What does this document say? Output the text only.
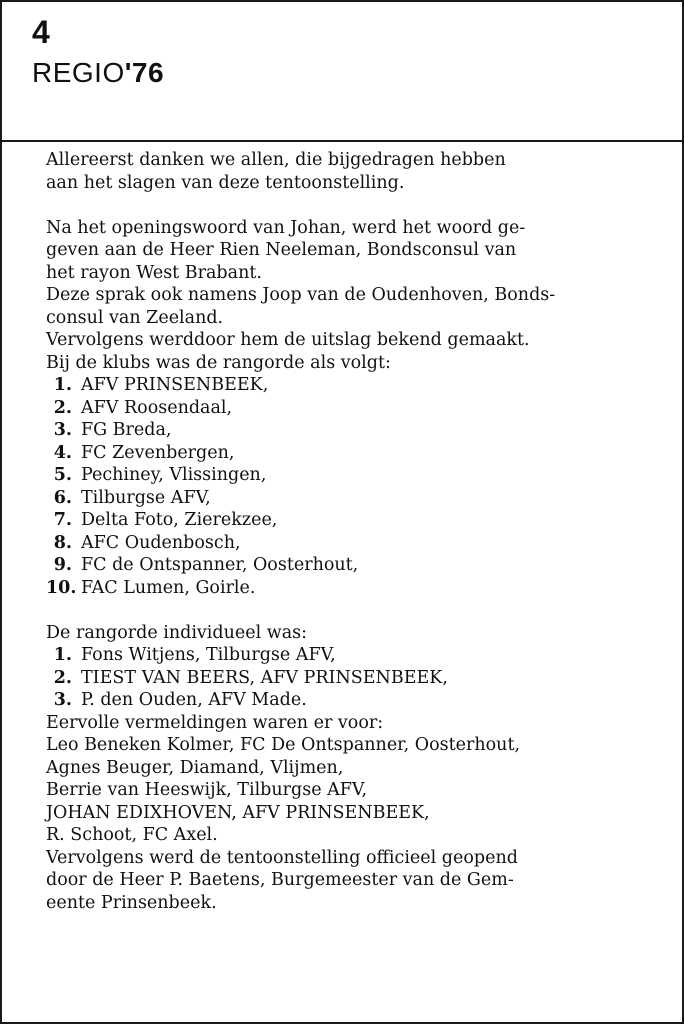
4
REGIO'76

Allereerst danken we allen, die bijgedragen hebben

aan het slagen van deze tentoonstelling.

Na het openingswoord van Johan, werd het woord ge-

geven aan de Heer Rien Neeleman, Bondsconsul van

het rayon West Brabant.

Deze sprak ook namens Joop van de Oudenhoven, Bonds-

consul van Zeeland.

Vervolgens werddoor hem de uitslag bekend gemaakt.

Bij de klubs was de rangorde als volgt:

1. AFV PRINSENBEEK,
2. AFV Roosendaal,
3. FG Breda,
4. FC Zevenbergen,
5. Pechiney, Vlissingen,
6. Tilburgse AFV,
7. Delta Foto, Zierekzee,
8. AFC Oudenbosch,
9. FC de Ontspanner, Oosterhout,
10. FAC Lumen, Goirle.

De rangorde individueel was:

1. Fons Witjens, Tilburgse AFV,
2. TIEST VAN BEERS, AFV PRINSENBEEK,
3. P. den Ouden, AFV Made.

Eervolle vermeldingen waren er voor:

Leo Beneken Kolmer, FC De Ontspanner, Oosterhout,

Agnes Beuger, Diamand, Vlijmen,

Berrie van Heeswijk, Tilburgse AFV,

JOHAN EDIXHOVEN, AFV PRINSENBEEK,

R. Schoot, FC Axel.

Vervolgens werd de tentoonstelling officieel geopend

door de Heer P. Baetens, Burgemeester van de Gem-

eente Prinsenbeek.
